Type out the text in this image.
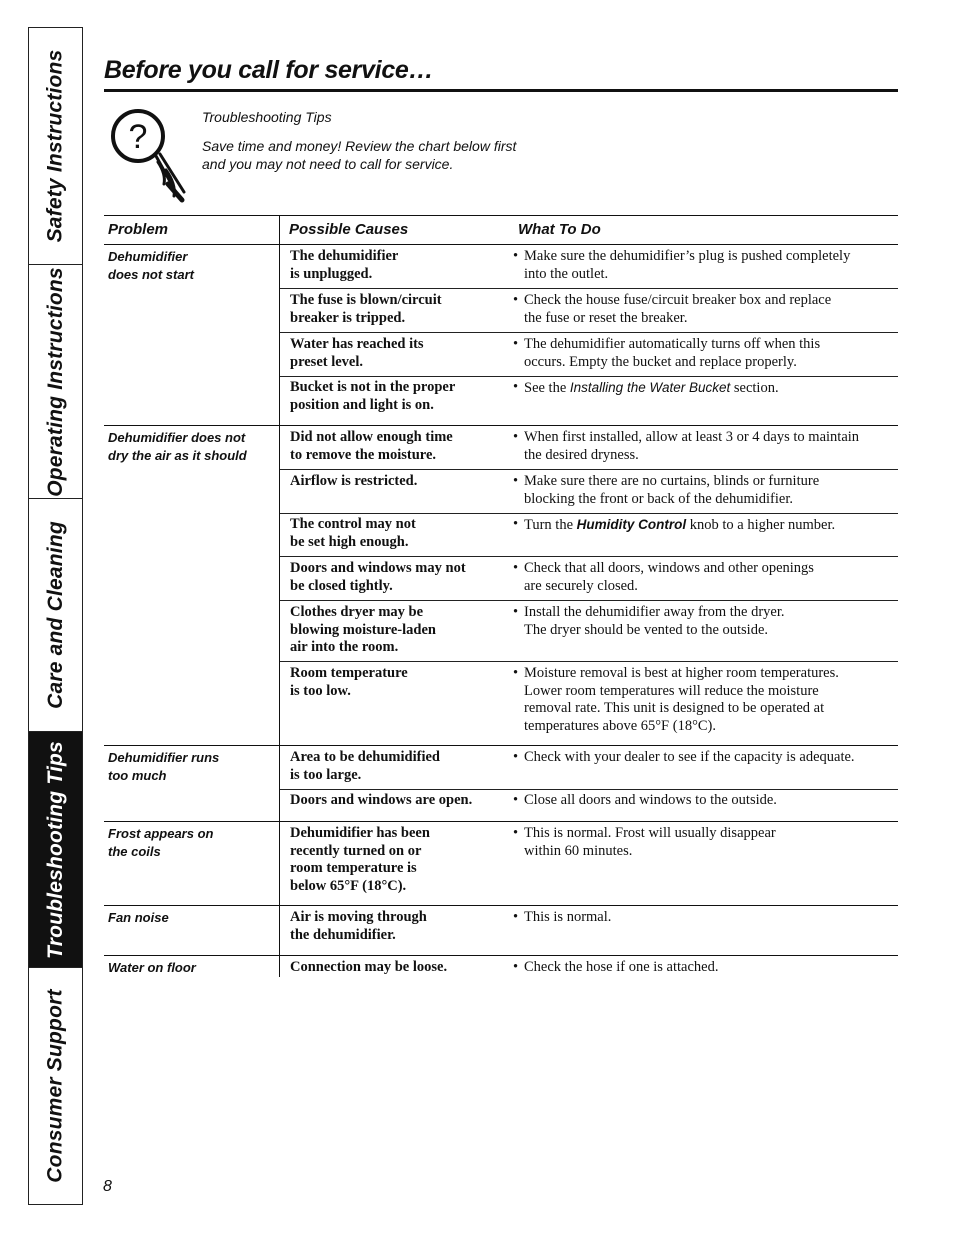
Safety Instructions
Operating Instructions
Care and Cleaning
Troubleshooting Tips
Consumer Support
Before you call for service…
?
Troubleshooting Tips
Save time and money! Review the chart below first
and you may not need to call for service.
Problem	Possible Causes	What To Do
Dehumidifier
does not start
Dehumidifier does not
dry the air as it should
Dehumidifier runs
too much
Frost appears on
the coils
Fan noise
Water on floor
The dehumidifier
is unplugged.
The fuse is blown/circuit
breaker is tripped.
Water has reached its
preset level.
Bucket is not in the proper
position and light is on.
Did not allow enough time
to remove the moisture.
Airflow is restricted.
The control may not
be set high enough.
Doors and windows may not
be closed tightly.
Clothes dryer may be
blowing moisture-laden
air into the room.
Room temperature
is too low.
Area to be dehumidified
is too large.
Doors and windows are open.
Dehumidifier has been
recently turned on or
room temperature is
below 65°F (18°C).
Air is moving through
the dehumidifier.
Connection may be loose.
• Make sure the dehumidifier’s plug is pushed completely
into the outlet.
• Check the house fuse/circuit breaker box and replace
the fuse or reset the breaker.
• The dehumidifier automatically turns off when this
occurs. Empty the bucket and replace properly.
• See the Installing the Water Bucket section.
• When first installed, allow at least 3 or 4 days to maintain
the desired dryness.
• Make sure there are no curtains, blinds or furniture
blocking the front or back of the dehumidifier.
• Turn the Humidity Control knob to a higher number.
• Check that all doors, windows and other openings
are securely closed.
• Install the dehumidifier away from the dryer.
The dryer should be vented to the outside.
• Moisture removal is best at higher room temperatures.
Lower room temperatures will reduce the moisture
removal rate. This unit is designed to be operated at
temperatures above 65°F (18°C).
• Check with your dealer to see if the capacity is adequate.
• Close all doors and windows to the outside.
• This is normal. Frost will usually disappear
within 60 minutes.
• This is normal.
• Check the hose if one is attached.
8
